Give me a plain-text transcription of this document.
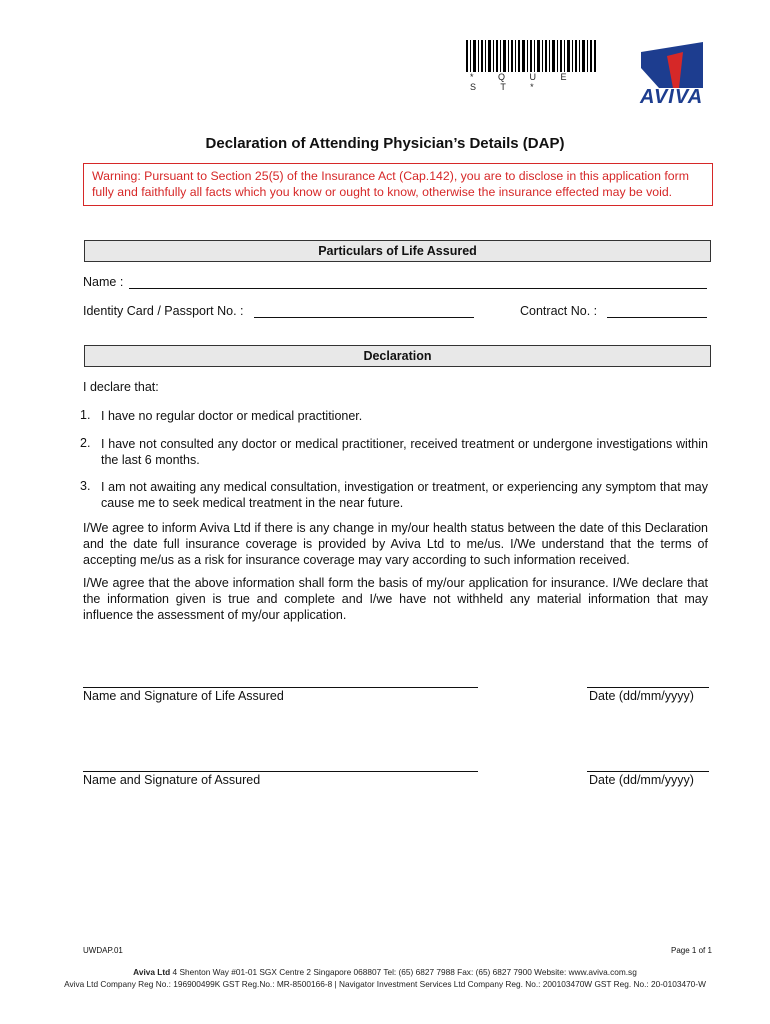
* Q U E S T *	AVIVA
Declaration of Attending Physician’s Details (DAP)
Warning: Pursuant to Section 25(5) of the Insurance Act (Cap.142), you are to disclose in this application form fully and faithfully all facts which you know or ought to know, otherwise the insurance effected may be void.
Particulars of Life Assured
Name :
Identity Card / Passport No. :	Contract No. :
Declaration
I declare that:
1. I have no regular doctor or medical practitioner.
2. I have not consulted any doctor or medical practitioner, received treatment or undergone investigations within the last 6 months.
3. I am not awaiting any medical consultation, investigation or treatment, or experiencing any symptom that may cause me to seek medical treatment in the near future.
I/We agree to inform Aviva Ltd if there is any change in my/our health status between the date of this Declaration and the date full insurance coverage is provided by Aviva Ltd to me/us. I/We understand that the terms of accepting me/us as a risk for insurance coverage may vary according to such information received.
I/We agree that the above information shall form the basis of my/our application for insurance. I/We declare that the information given is true and complete and I/we have not withheld any material information that may influence the assessment of my/our application.
Name and Signature of Life Assured	Date (dd/mm/yyyy)
Name and Signature of Assured	Date (dd/mm/yyyy)
UWDAP.01	Page 1 of 1
Aviva Ltd 4 Shenton Way #01-01 SGX Centre 2 Singapore 068807 Tel: (65) 6827 7988 Fax: (65) 6827 7900 Website: www.aviva.com.sg
Aviva Ltd Company Reg No.: 196900499K GST Reg.No.: MR-8500166-8 | Navigator Investment Services Ltd Company Reg. No.: 200103470W GST Reg. No.: 20-0103470-W
